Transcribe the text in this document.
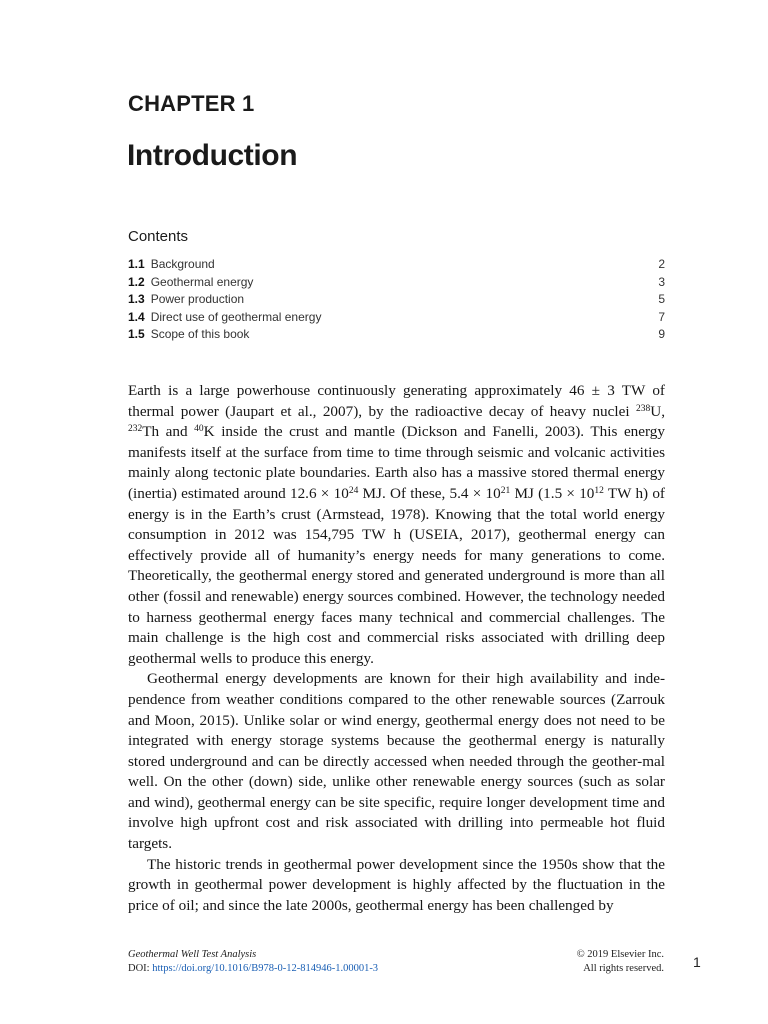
CHAPTER 1
Introduction
Contents
1.1 Background	2
1.2 Geothermal energy	3
1.3 Power production	5
1.4 Direct use of geothermal energy	7
1.5 Scope of this book	9

Earth is a large powerhouse continuously generating approximately 46 ± 3 TW of thermal power (Jaupart et al., 2007), by the radioactive decay of heavy nuclei $^{238}$U, $^{232}$Th and $^{40}$K inside the crust and mantle (Dickson and Fanelli, 2003). This energy manifests itself at the surface from time to time through seismic and volcanic activities mainly along tectonic plate boundaries. Earth also has a massive stored thermal energy (inertia) estimated around $12.6 \times 10^{24}$ MJ. Of these, $5.4 \times 10^{21}$ MJ ($1.5 \times 10^{12}$ TW h) of energy is in the Earth’s crust (Armstead, 1978). Knowing that the total world energy consumption in 2012 was 154,795 TW h (USEIA, 2017), geothermal energy can effectively provide all of humanity’s energy needs for many generations to come. Theoretically, the geothermal energy stored and generated underground is more than all other (fossil and renewable) energy sources combined. However, the technology needed to harness geothermal energy faces many technical and commercial challenges. The main challenge is the high cost and commercial risks associated with drilling deep geothermal wells to produce this energy.

Geothermal energy developments are known for their high availability and inde-pendence from weather conditions compared to the other renewable sources (Zarrouk and Moon, 2015). Unlike solar or wind energy, geothermal energy does not need to be integrated with energy storage systems because the geothermal energy is naturally stored underground and can be directly accessed when needed through the geother-mal well. On the other (down) side, unlike other renewable energy sources (such as solar and wind), geothermal energy can be site specific, require longer development time and involve high upfront cost and risk associated with drilling into permeable hot fluid targets.

The historic trends in geothermal power development since the 1950s show that the growth in geothermal power development is highly affected by the fluctuation in the price of oil; and since the late 2000s, geothermal energy has been challenged by

Geothermal Well Test Analysis
DOI: https://doi.org/10.1016/B978-0-12-814946-1.00001-3
© 2019 Elsevier Inc.
All rights reserved. 1
